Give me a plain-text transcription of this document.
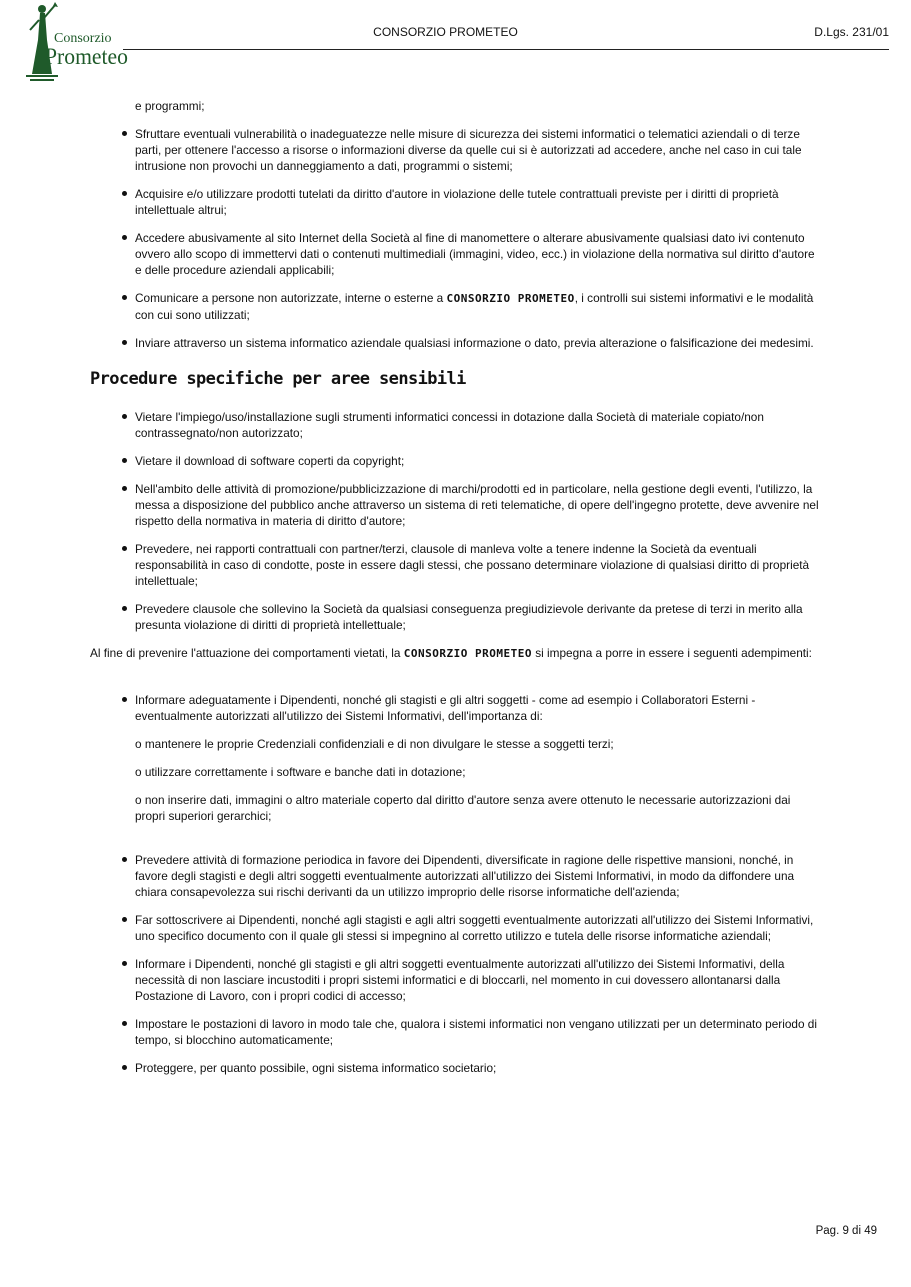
Consorzio
Prometeo
CONSORZIO PROMETEO	D.Lgs. 231/01
e programmi;
Sfruttare eventuali vulnerabilità o inadeguatezze nelle misure di sicurezza dei sistemi informatici o telematici aziendali o di terze parti, per ottenere l'accesso a risorse o informazioni diverse da quelle cui si è autorizzati ad accedere, anche nel caso in cui tale intrusione non provochi un danneggiamento a dati, programmi o sistemi;
Acquisire e/o utilizzare prodotti tutelati da diritto d'autore in violazione delle tutele contrattuali previste per i diritti di proprietà intellettuale altrui;
Accedere abusivamente al sito Internet della Società al fine di manomettere o alterare abusivamente qualsiasi dato ivi contenuto ovvero allo scopo di immettervi dati o contenuti multimediali (immagini, video, ecc.) in violazione della normativa sul diritto d'autore e delle procedure aziendali applicabili;
Comunicare a persone non autorizzate, interne o esterne a CONSORZIO PROMETEO, i controlli sui sistemi informativi e le modalità con cui sono utilizzati;
Inviare attraverso un sistema informatico aziendale qualsiasi informazione o dato, previa alterazione o falsificazione dei medesimi.
Procedure specifiche per aree sensibili
Vietare l'impiego/uso/installazione sugli strumenti informatici concessi in dotazione dalla Società di materiale copiato/non contrassegnato/non autorizzato;
Vietare il download di software coperti da copyright;
Nell'ambito delle attività di promozione/pubblicizzazione di marchi/prodotti ed in particolare, nella gestione degli eventi, l'utilizzo, la messa a disposizione del pubblico anche attraverso un sistema di reti telematiche, di opere dell'ingegno protette, deve avvenire nel rispetto della normativa in materia di diritto d'autore;
Prevedere, nei rapporti contrattuali con partner/terzi, clausole di manleva volte a tenere indenne la Società da eventuali responsabilità in caso di condotte, poste in essere dagli stessi, che possano determinare violazione di qualsiasi diritto di proprietà intellettuale;
Prevedere clausole che sollevino la Società da qualsiasi conseguenza pregiudizievole derivante da pretese di terzi in merito alla presunta violazione di diritti di proprietà intellettuale;

Al fine di prevenire l'attuazione dei comportamenti vietati, la CONSORZIO PROMETEO si impegna a porre in essere i seguenti adempimenti:

Informare adeguatamente i Dipendenti, nonché gli stagisti e gli altri soggetti - come ad esempio i Collaboratori Esterni - eventualmente autorizzati all'utilizzo dei Sistemi Informativi, dell'importanza di:
o mantenere le proprie Credenziali confidenziali e di non divulgare le stesse a soggetti terzi;
o utilizzare correttamente i software e banche dati in dotazione;
o non inserire dati, immagini o altro materiale coperto dal diritto d'autore senza avere ottenuto le necessarie autorizzazioni dai propri superiori gerarchici;
Prevedere attività di formazione periodica in favore dei Dipendenti, diversificate in ragione delle rispettive mansioni, nonché, in favore degli stagisti e degli altri soggetti eventualmente autorizzati all'utilizzo dei Sistemi Informativi, in modo da diffondere una chiara consapevolezza sui rischi derivanti da un utilizzo improprio delle risorse informatiche dell'azienda;
Far sottoscrivere ai Dipendenti, nonché agli stagisti e agli altri soggetti eventualmente autorizzati all'utilizzo dei Sistemi Informativi, uno specifico documento con il quale gli stessi si impegnino al corretto utilizzo e tutela delle risorse informatiche aziendali;
Informare i Dipendenti, nonché gli stagisti e gli altri soggetti eventualmente autorizzati all'utilizzo dei Sistemi Informativi, della necessità di non lasciare incustoditi i propri sistemi informatici e di bloccarli, nel momento in cui dovessero allontanarsi dalla Postazione di Lavoro, con i propri codici di accesso;
Impostare le postazioni di lavoro in modo tale che, qualora i sistemi informatici non vengano utilizzati per un determinato periodo di tempo, si blocchino automaticamente;
Proteggere, per quanto possibile, ogni sistema informatico societario;
Pag. 9 di 49
